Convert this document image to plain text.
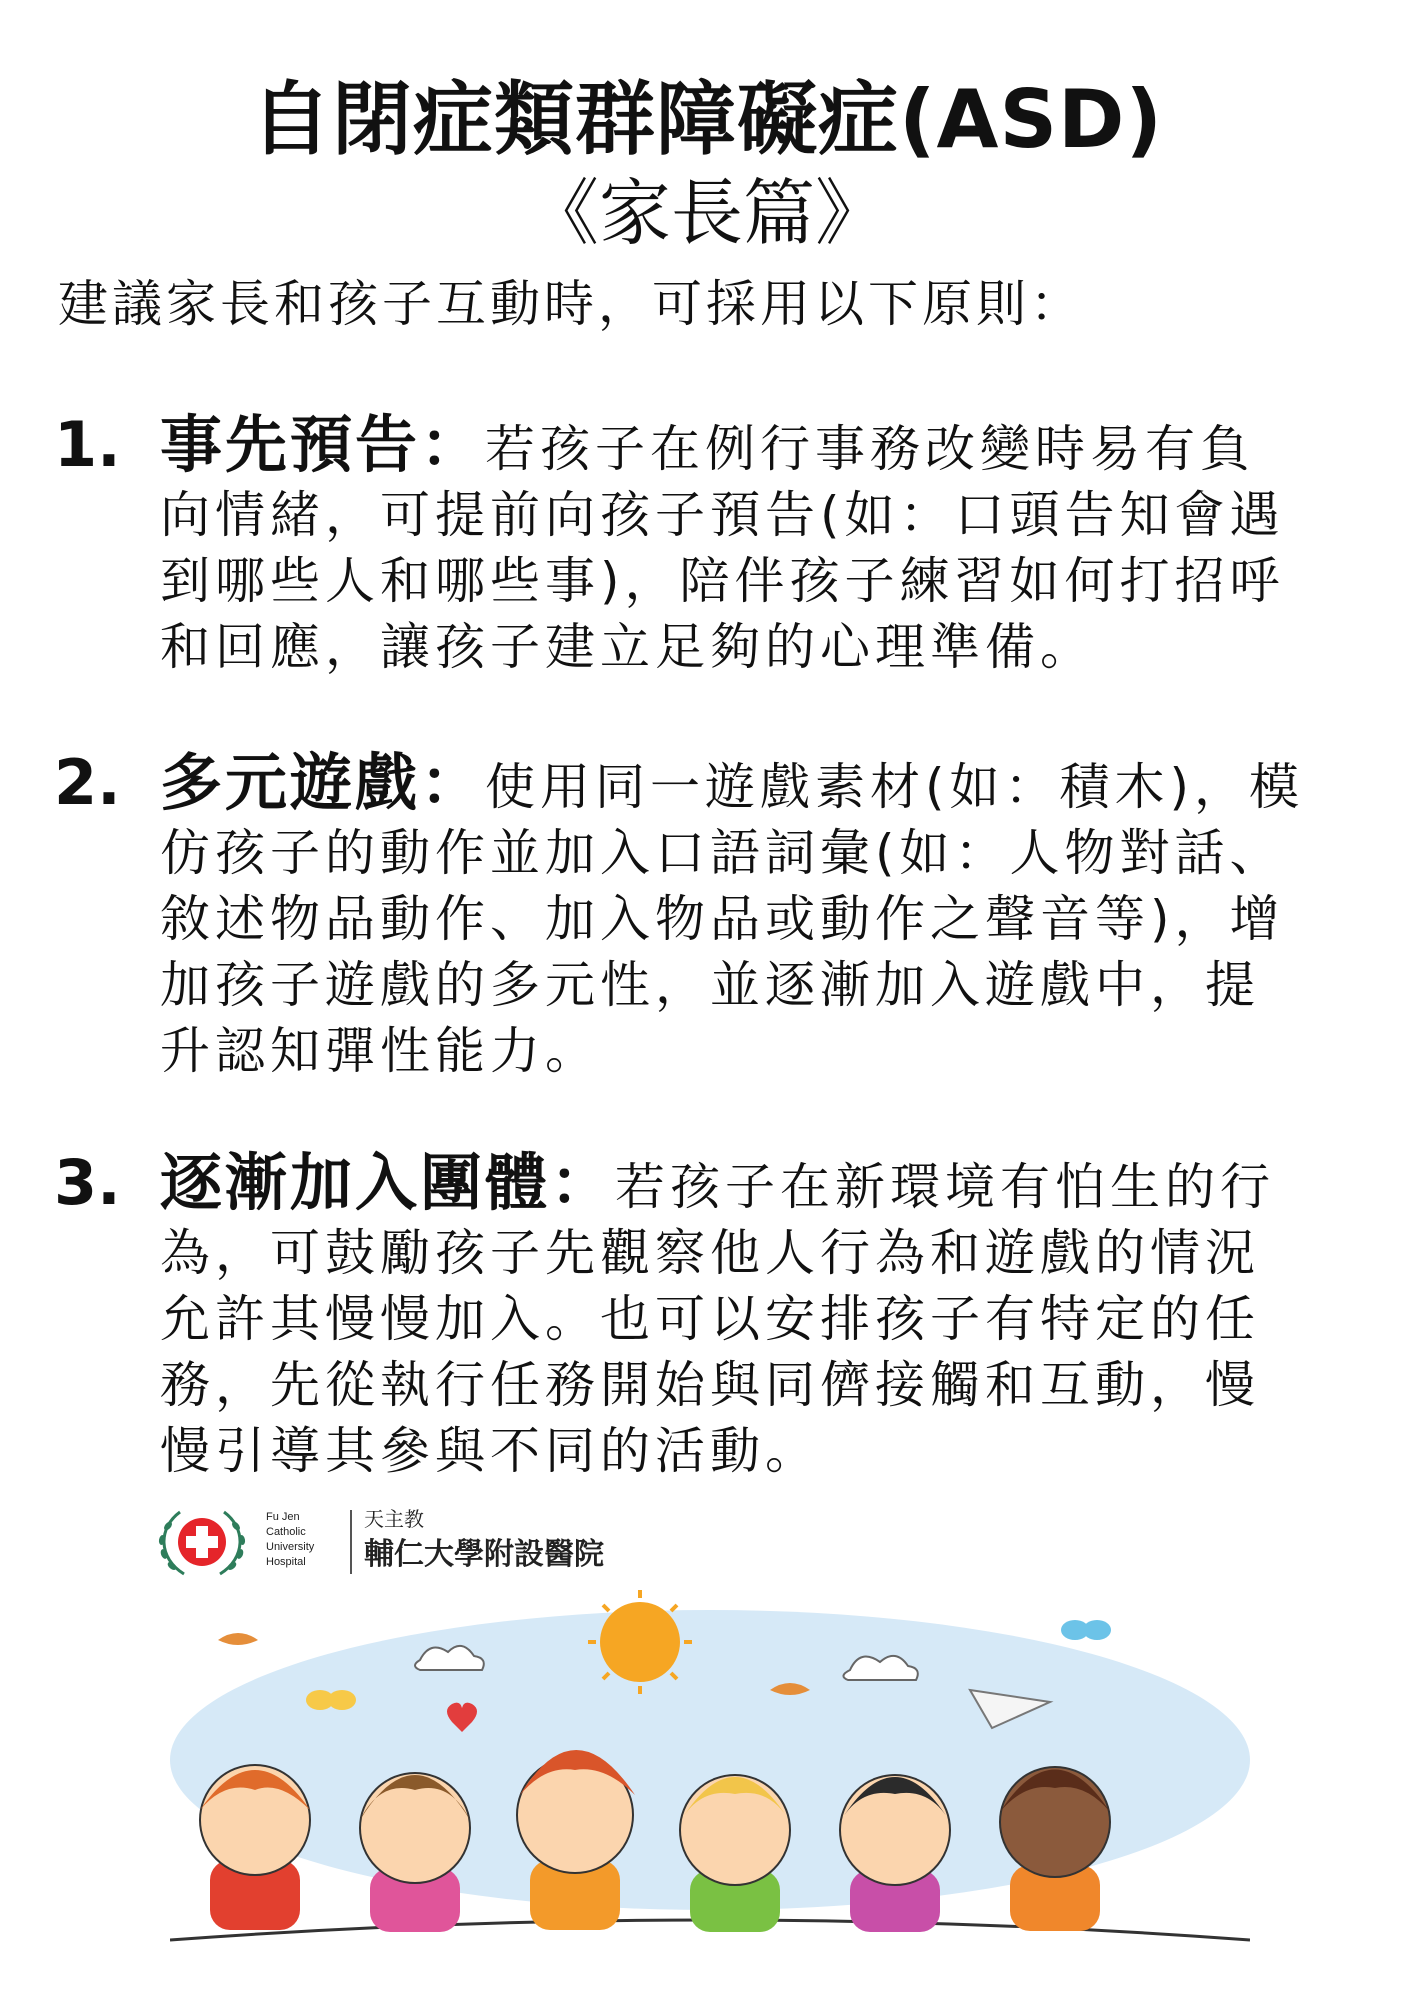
自閉症類群障礙症(ASD)
《家長篇》
建議家長和孩子互動時，可採用以下原則：
1. 事先預告：若孩子在例行事務改變時易有負
向情緒，可提前向孩子預告(如：口頭告知會遇
到哪些人和哪些事)，陪伴孩子練習如何打招呼
和回應，讓孩子建立足夠的心理準備。
2. 多元遊戲：使用同一遊戲素材(如：積木)，模
仿孩子的動作並加入口語詞彙(如：人物對話、
敘述物品動作、加入物品或動作之聲音等)，增
加孩子遊戲的多元性，並逐漸加入遊戲中，提
升認知彈性能力。
3. 逐漸加入團體：若孩子在新環境有怕生的行
為，可鼓勵孩子先觀察他人行為和遊戲的情況
允許其慢慢加入。也可以安排孩子有特定的任
務，先從執行任務開始與同儕接觸和互動，慢
慢引導其參與不同的活動。
Fu Jen
Catholic
University
Hospital
天主教
輔仁大學附設醫院
